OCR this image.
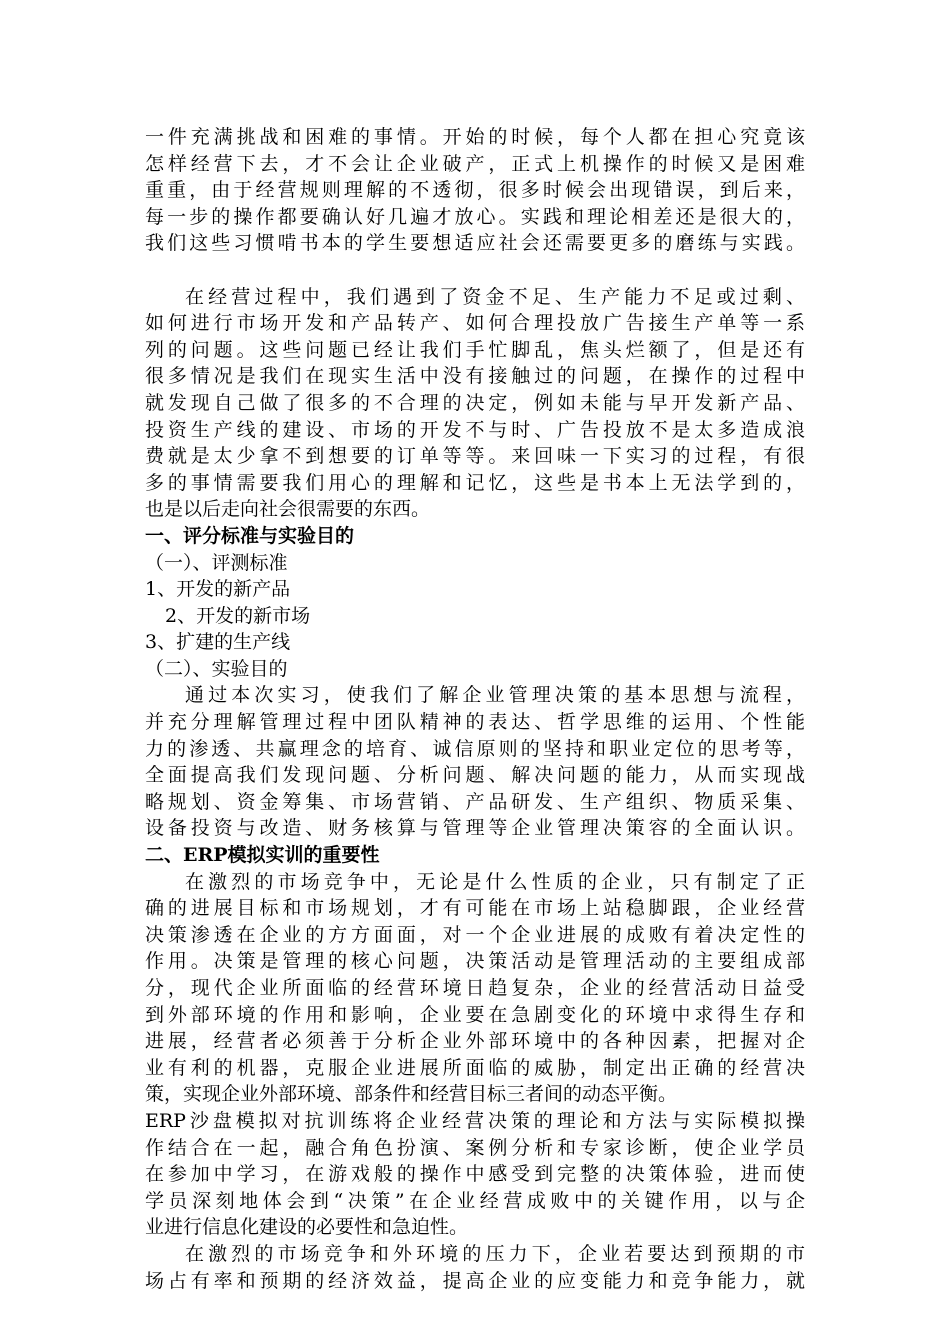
一件充满挑战和困难的事情。开始的时候，每个人都在担心究竟该
怎样经营下去，才不会让企业破产，正式上机操作的时候又是困难
重重，由于经营规则理解的不透彻，很多时候会出现错误，到后来，
每一步的操作都要确认好几遍才放心。实践和理论相差还是很大的，
我们这些习惯啃书本的学生要想适应社会还需要更多的磨练与实践。
在经营过程中，我们遇到了资金不足、生产能力不足或过剩、
如何进行市场开发和产品转产、如何合理投放广告接生产单等一系
列的问题。这些问题已经让我们手忙脚乱，焦头烂额了，但是还有
很多情况是我们在现实生活中没有接触过的问题，在操作的过程中
就发现自己做了很多的不合理的决定，例如未能与早开发新产品、
投资生产线的建设、市场的开发不与时、广告投放不是太多造成浪
费就是太少拿不到想要的订单等等。来回味一下实习的过程，有很
多的事情需要我们用心的理解和记忆，这些是书本上无法学到的，
也是以后走向社会很需要的东西。
一、评分标准与实验目的
（一）、评测标准
1、开发的新产品
2、开发的新市场
3、扩建的生产线
（二）、实验目的
通过本次实习，使我们了解企业管理决策的基本思想与流程，
并充分理解管理过程中团队精神的表达、哲学思维的运用、个性能
力的渗透、共赢理念的培育、诚信原则的坚持和职业定位的思考等，
全面提高我们发现问题、分析问题、解决问题的能力，从而实现战
略规划、资金筹集、市场营销、产品研发、生产组织、物质采集、
设备投资与改造、财务核算与管理等企业管理决策容的全面认识。
二、ERP模拟实训的重要性
在激烈的市场竞争中，无论是什么性质的企业，只有制定了正
确的进展目标和市场规划，才有可能在市场上站稳脚跟，企业经营
决策渗透在企业的方方面面，对一个企业进展的成败有着决定性的
作用。决策是管理的核心问题，决策活动是管理活动的主要组成部
分，现代企业所面临的经营环境日趋复杂，企业的经营活动日益受
到外部环境的作用和影响，企业要在急剧变化的环境中求得生存和
进展，经营者必须善于分析企业外部环境中的各种因素，把握对企
业有利的机器，克服企业进展所面临的威胁，制定出正确的经营决
策，实现企业外部环境、部条件和经营目标三者间的动态平衡。
ERP沙盘模拟对抗训练将企业经营决策的理论和方法与实际模拟操
作结合在一起，融合角色扮演、案例分析和专家诊断，使企业学员
在参加中学习，在游戏般的操作中感受到完整的决策体验，进而使
学员深刻地体会到“决策”在企业经营成败中的关键作用，以与企
业进行信息化建设的必要性和急迫性。
在激烈的市场竞争和外环境的压力下，企业若要达到预期的市
场占有率和预期的经济效益，提高企业的应变能力和竞争能力，就
